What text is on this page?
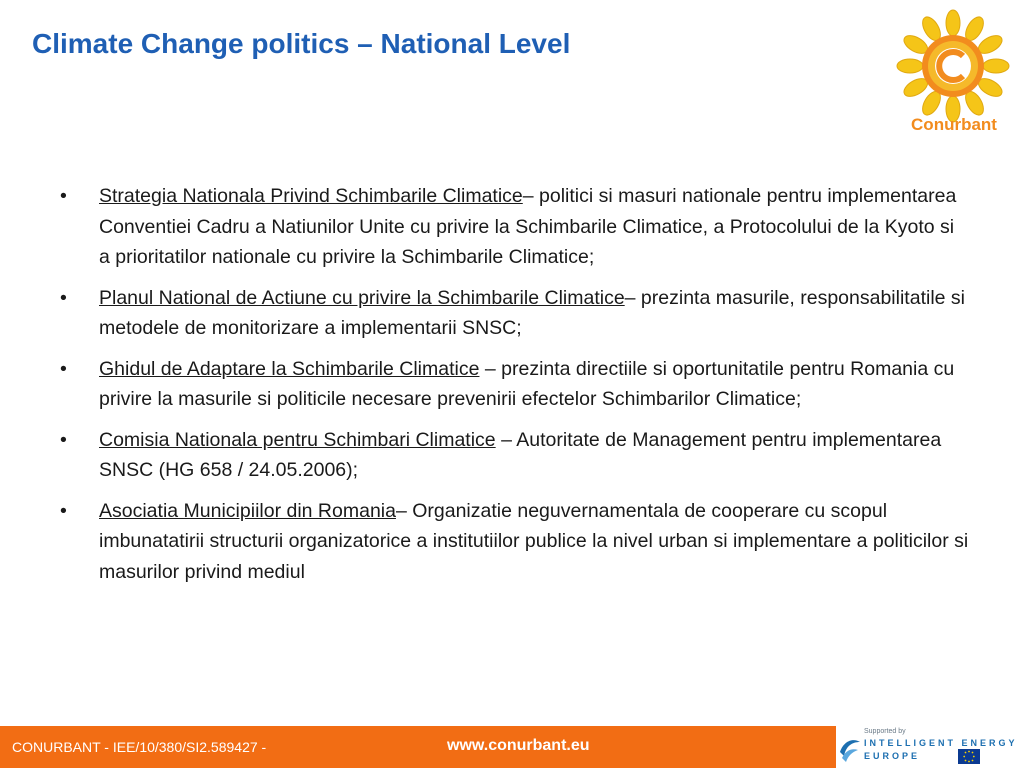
Climate Change politics – National Level
Conurbant
• Strategia Nationala Privind Schimbarile Climatice– politici si masuri nationale pentru implementarea Conventiei Cadru a Natiunilor Unite cu privire la Schimbarile Climatice, a Protocolului de la Kyoto si a prioritatilor nationale cu privire la Schimbarile Climatice;
• Planul National de Actiune cu privire la Schimbarile Climatice– prezinta masurile, responsabilitatile si metodele de monitorizare a implementarii SNSC;
• Ghidul de Adaptare la Schimbarile Climatice – prezinta directiile si oportunitatile pentru Romania cu privire la masurile si politicile necesare prevenirii efectelor Schimbarilor Climatice;
• Comisia Nationala pentru Schimbari Climatice – Autoritate de Management pentru implementarea SNSC (HG 658 / 24.05.2006);
• Asociatia Municipiilor din Romania– Organizatie neguvernamentala de cooperare cu scopul imbunatatirii structurii organizatorice a institutiilor publice la nivel urban si implementare a politicilor si masurilor privind mediul
CONURBANT - IEE/10/380/SI2.589427 -	www.conurbant.eu
Supported by
INTELLIGENT ENERGY
EUROPE
